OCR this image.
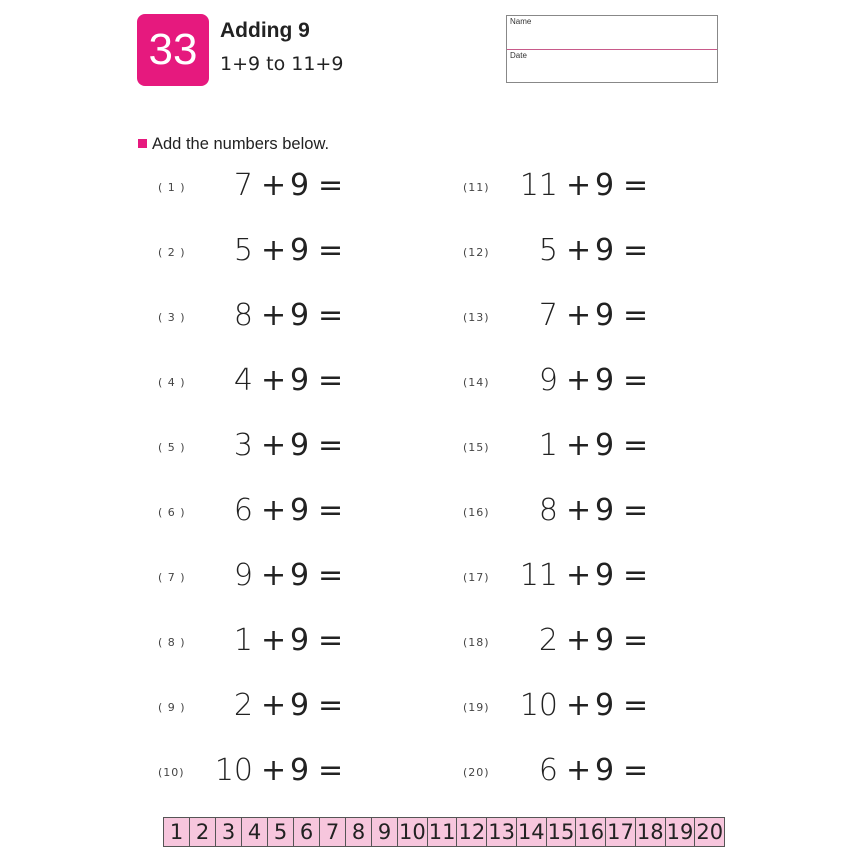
33	Adding 9
1+9 to 11+9
Name
Date
Add the numbers below.
( 1 )	7 + 9 =
( 2 )	5 + 9 =
( 3 )	8 + 9 =
( 4 )	4 + 9 =
( 5 )	3 + 9 =
( 6 )	6 + 9 =
( 7 )	9 + 9 =
( 8 )	1 + 9 =
( 9 )	2 + 9 =
(10)	10 + 9 =
(11)	11 + 9 =
(12)	5 + 9 =
(13)	7 + 9 =
(14)	9 + 9 =
(15)	1 + 9 =
(16)	8 + 9 =
(17)	11 + 9 =
(18)	2 + 9 =
(19)	10 + 9 =
(20)	6 + 9 =
1 2 3 4 5 6 7 8 9 10 11 12 13 14 15 16 17 18 19 20
